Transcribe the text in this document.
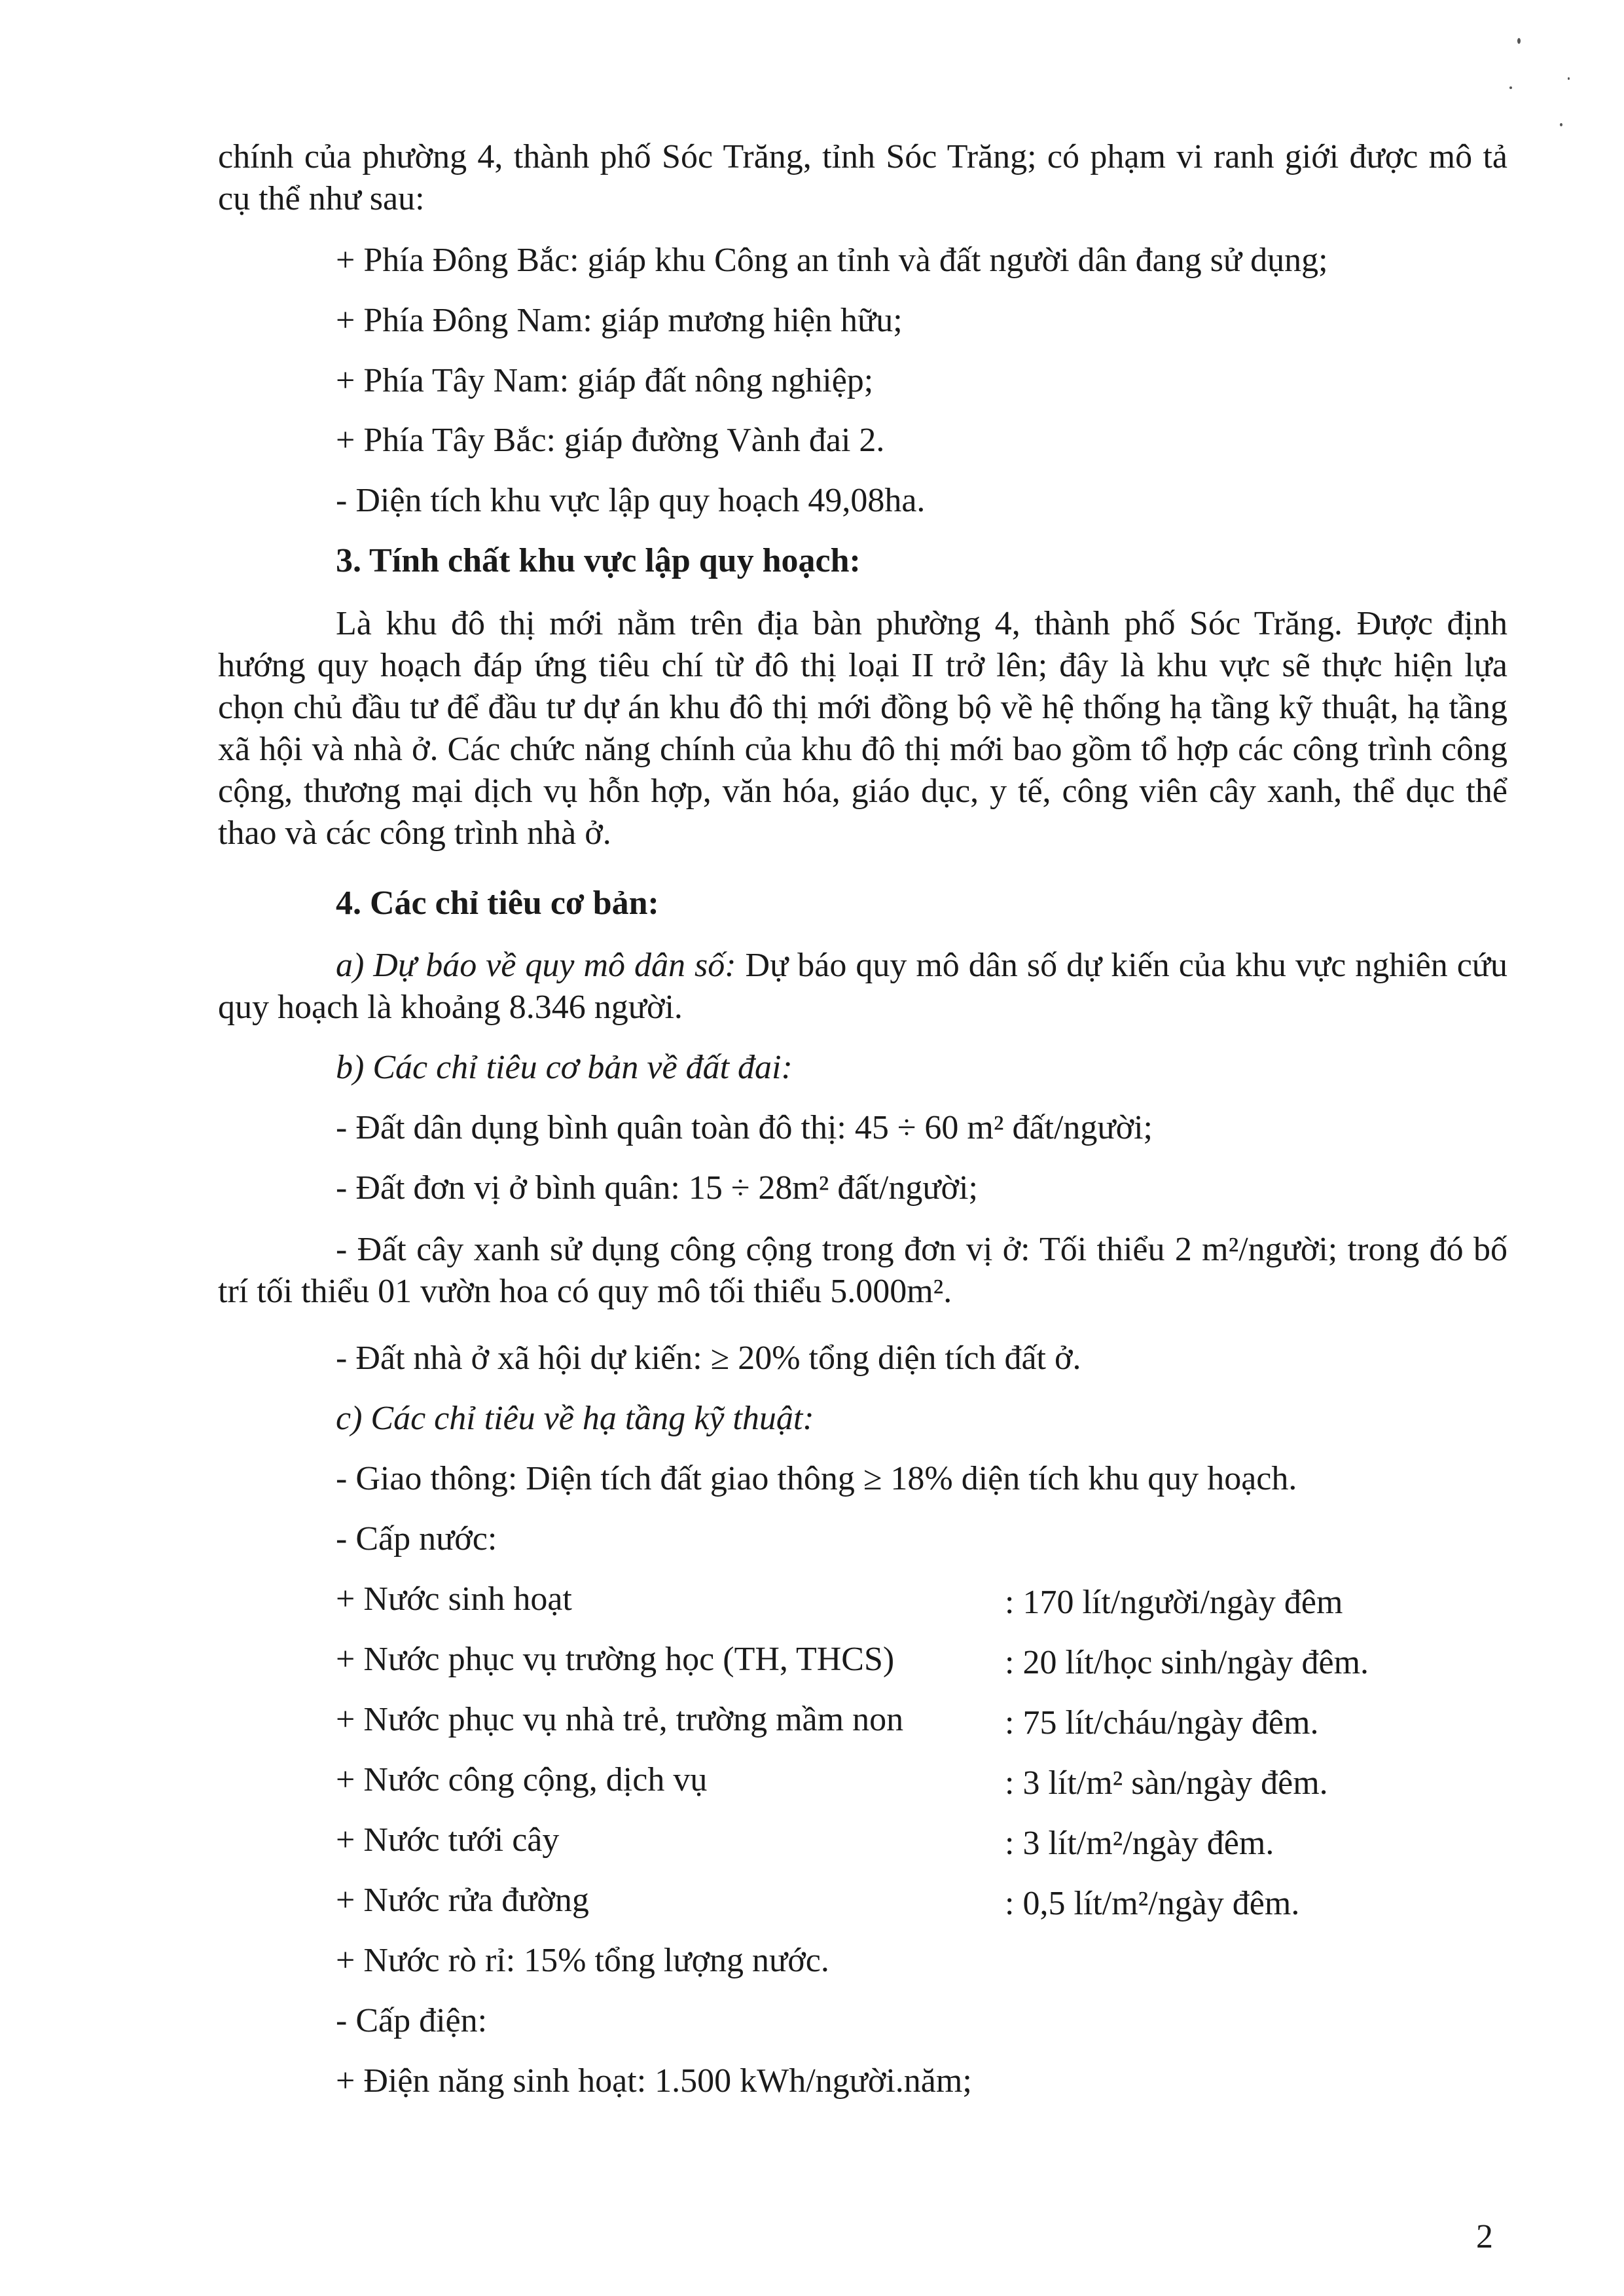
chính của phường 4, thành phố Sóc Trăng, tỉnh Sóc Trăng; có phạm vi ranh giới được mô tả cụ thể như sau:
+ Phía Đông Bắc: giáp khu Công an tỉnh và đất người dân đang sử dụng;
+ Phía Đông Nam: giáp mương hiện hữu;
+ Phía Tây Nam: giáp đất nông nghiệp;
+ Phía Tây Bắc: giáp đường Vành đai 2.
- Diện tích khu vực lập quy hoạch 49,08ha.
3. Tính chất khu vực lập quy hoạch:
Là khu đô thị mới nằm trên địa bàn phường 4, thành phố Sóc Trăng. Được định hướng quy hoạch đáp ứng tiêu chí từ đô thị loại II trở lên; đây là khu vực sẽ thực hiện lựa chọn chủ đầu tư để đầu tư dự án khu đô thị mới đồng bộ về hệ thống hạ tầng kỹ thuật, hạ tầng xã hội và nhà ở. Các chức năng chính của khu đô thị mới bao gồm tổ hợp các công trình công cộng, thương mại dịch vụ hỗn hợp, văn hóa, giáo dục, y tế, công viên cây xanh, thể dục thể thao và các công trình nhà ở.
4. Các chỉ tiêu cơ bản:
a) Dự báo về quy mô dân số: Dự báo quy mô dân số dự kiến của khu vực nghiên cứu quy hoạch là khoảng 8.346 người.
b) Các chỉ tiêu cơ bản về đất đai:
- Đất dân dụng bình quân toàn đô thị: 45 ÷ 60 m² đất/người;
- Đất đơn vị ở bình quân: 15 ÷ 28m² đất/người;
- Đất cây xanh sử dụng công cộng trong đơn vị ở: Tối thiểu 2 m²/người; trong đó bố trí tối thiểu 01 vườn hoa có quy mô tối thiểu 5.000m².
- Đất nhà ở xã hội dự kiến: ≥ 20% tổng diện tích đất ở.
c) Các chỉ tiêu về hạ tầng kỹ thuật:
- Giao thông: Diện tích đất giao thông ≥ 18% diện tích khu quy hoạch.
- Cấp nước:
+ Nước sinh hoạt	: 170 lít/người/ngày đêm
+ Nước phục vụ trường học (TH, THCS)	: 20 lít/học sinh/ngày đêm.
+ Nước phục vụ nhà trẻ, trường mầm non	: 75 lít/cháu/ngày đêm.
+ Nước công cộng, dịch vụ	: 3 lít/m² sàn/ngày đêm.
+ Nước tưới cây	: 3 lít/m²/ngày đêm.
+ Nước rửa đường	: 0,5 lít/m²/ngày đêm.
+ Nước rò rỉ: 15% tổng lượng nước.
- Cấp điện:
+ Điện năng sinh hoạt: 1.500 kWh/người.năm;
2
